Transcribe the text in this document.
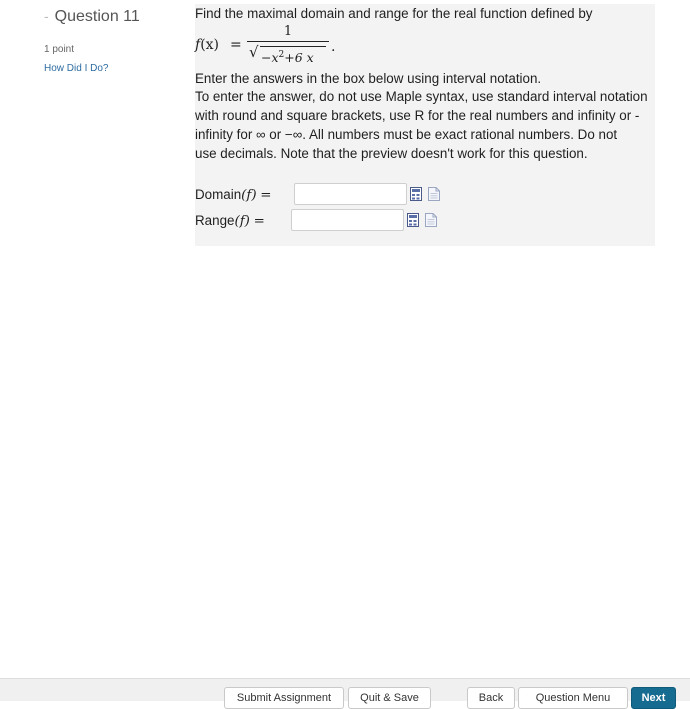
- Question 11
1 point
How Did I Do?
Find the maximal domain and range for the real function defined by
f(x) =
1
√ $-x^2+6$ x
.
Enter the answers in the box below using interval notation.
To enter the answer, do not use Maple syntax, use standard interval notation
with round and square brackets, use R for the real numbers and infinity or -
infinity for ∞ or −∞. All numbers must be exact rational numbers. Do not
use decimals. Note that the preview doesn't work for this question.
Domain(f) =
Range(f) =
Submit Assignment	Quit & Save	Back	Question Menu	Next
